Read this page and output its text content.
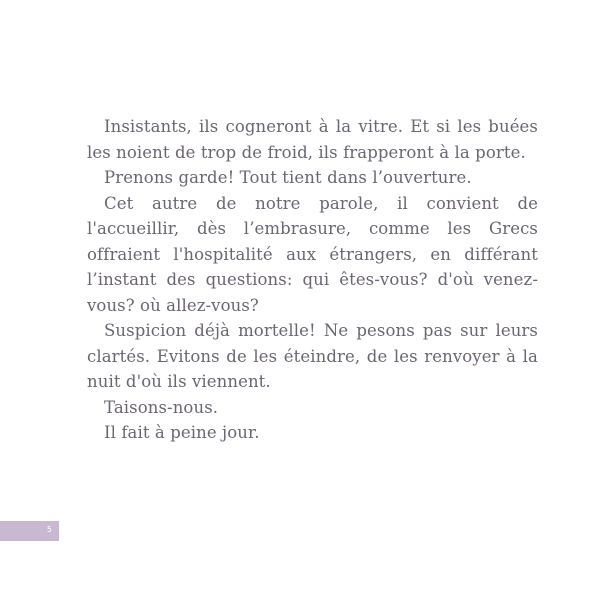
Insistants, ils cogneront à la vitre. Et si les buées les noient de trop de froid, ils frapperont à la porte.

Prenons garde! Tout tient dans l’ouverture.

Cet autre de notre parole, il convient de l'accueillir, dès l’embrasure, comme les Grecs offraient l'hospitalité aux étrangers, en différant l’instant des questions: qui êtes-vous? d'où venez-vous? où allez-vous?

Suspicion déjà mortelle! Ne pesons pas sur leurs clartés. Evitons de les éteindre, de les renvoyer à la nuit d'où ils viennent.

Taisons-nous.

Il fait à peine jour.

5
